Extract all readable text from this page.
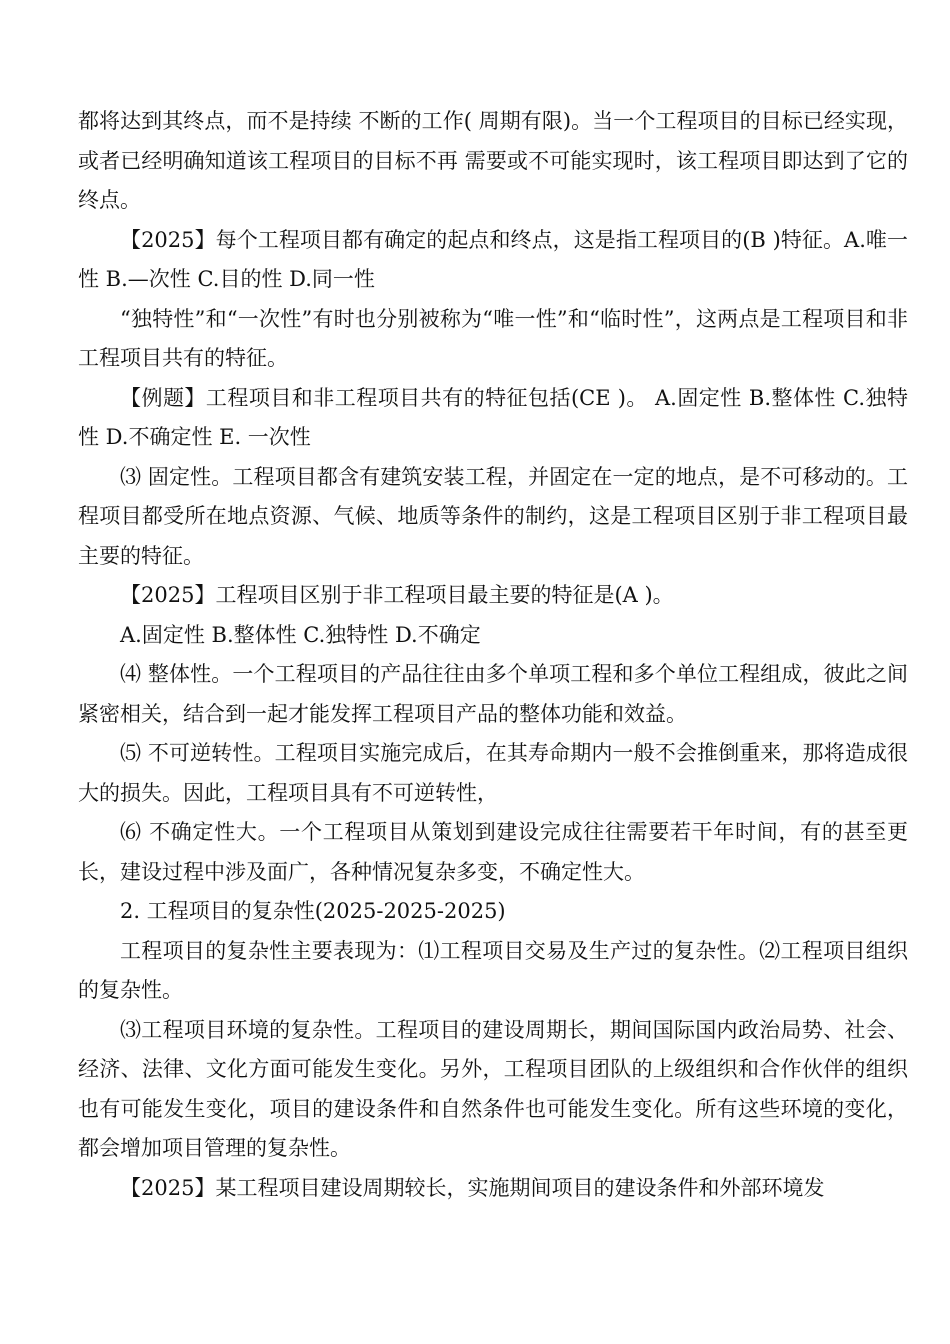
都将达到其终点，而不是持续 不断的工作( 周期有限)。当一个工程项目的目标已经实现，或者已经明确知道该工程项目的目标不再 需要或不可能实现时，该工程项目即达到了它的终点。

【2025】每个工程项目都有确定的起点和终点，这是指工程项目的(B )特征。A.唯一性 B.—次性 C.目的性 D.同一性

“独特性”和“一次性”有时也分别被称为“唯一性”和“临时性”，这两点是工程项目和非工程项目共有的特征。

【例题】工程项目和非工程项目共有的特征包括(CE )。 A.固定性 B.整体性 C.独特性 D.不确定性 E. 一次性

⑶ 固定性。工程项目都含有建筑安装工程，并固定在一定的地点，是不可移动的。工程项目都受所在地点资源、气候、地质等条件的制约，这是工程项目区别于非工程项目最主要的特征。

【2025】工程项目区别于非工程项目最主要的特征是(A )。

A.固定性 B.整体性 C.独特性 D.不确定

⑷ 整体性。一个工程项目的产品往往由多个单项工程和多个单位工程组成，彼此之间紧密相关，结合到一起才能发挥工程项目产品的整体功能和效益。

⑸ 不可逆转性。工程项目实施完成后，在其寿命期内一般不会推倒重来，那将造成很大的损失。因此，工程项目具有不可逆转性，

⑹ 不确定性大。一个工程项目从策划到建设完成往往需要若干年时间，有的甚至更长，建设过程中涉及面广，各种情况复杂多变，不确定性大。

2. 工程项目的复杂性(2025-2025-2025)

工程项目的复杂性主要表现为：⑴工程项目交易及生产过的复杂性。⑵工程项目组织的复杂性。

⑶工程项目环境的复杂性。工程项目的建设周期长，期间国际国内政治局势、社会、经济、法律、文化方面可能发生变化。另外，工程项目团队的上级组织和合作伙伴的组织也有可能发生变化，项目的建设条件和自然条件也可能发生变化。所有这些环境的变化，都会增加项目管理的复杂性。

【2025】某工程项目建设周期较长，实施期间项目的建设条件和外部环境发
